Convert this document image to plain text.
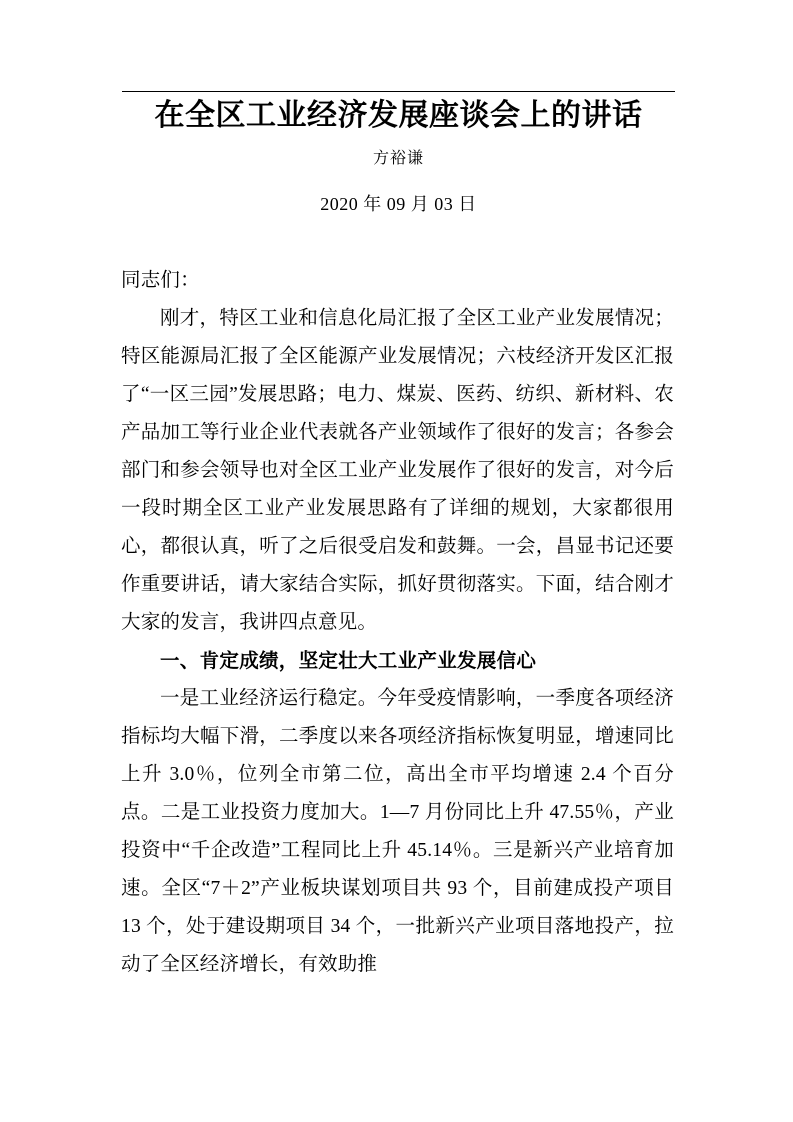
在全区工业经济发展座谈会上的讲话
方裕谦
2020 年 09 月 03 日

同志们：

刚才，特区工业和信息化局汇报了全区工业产业发展情况；特区能源局汇报了全区能源产业发展情况；六枝经济开发区汇报了“一区三园”发展思路；电力、煤炭、医药、纺织、新材料、农产品加工等行业企业代表就各产业领域作了很好的发言；各参会部门和参会领导也对全区工业产业发展作了很好的发言，对今后一段时期全区工业产业发展思路有了详细的规划，大家都很用心，都很认真，听了之后很受启发和鼓舞。一会，昌显书记还要作重要讲话，请大家结合实际，抓好贯彻落实。下面，结合刚才大家的发言，我讲四点意见。

一、肯定成绩，坚定壮大工业产业发展信心

一是工业经济运行稳定。今年受疫情影响，一季度各项经济指标均大幅下滑，二季度以来各项经济指标恢复明显，增速同比上升 3.0％，位列全市第二位，高出全市平均增速 2.4 个百分点。二是工业投资力度加大。1—7 月份同比上升 47.55％，产业投资中“千企改造”工程同比上升 45.14％。三是新兴产业培育加速。全区“7＋2”产业板块谋划项目共 93 个，目前建成投产项目 13 个，处于建设期项目 34 个，一批新兴产业项目落地投产，拉动了全区经济增长，有效助推
